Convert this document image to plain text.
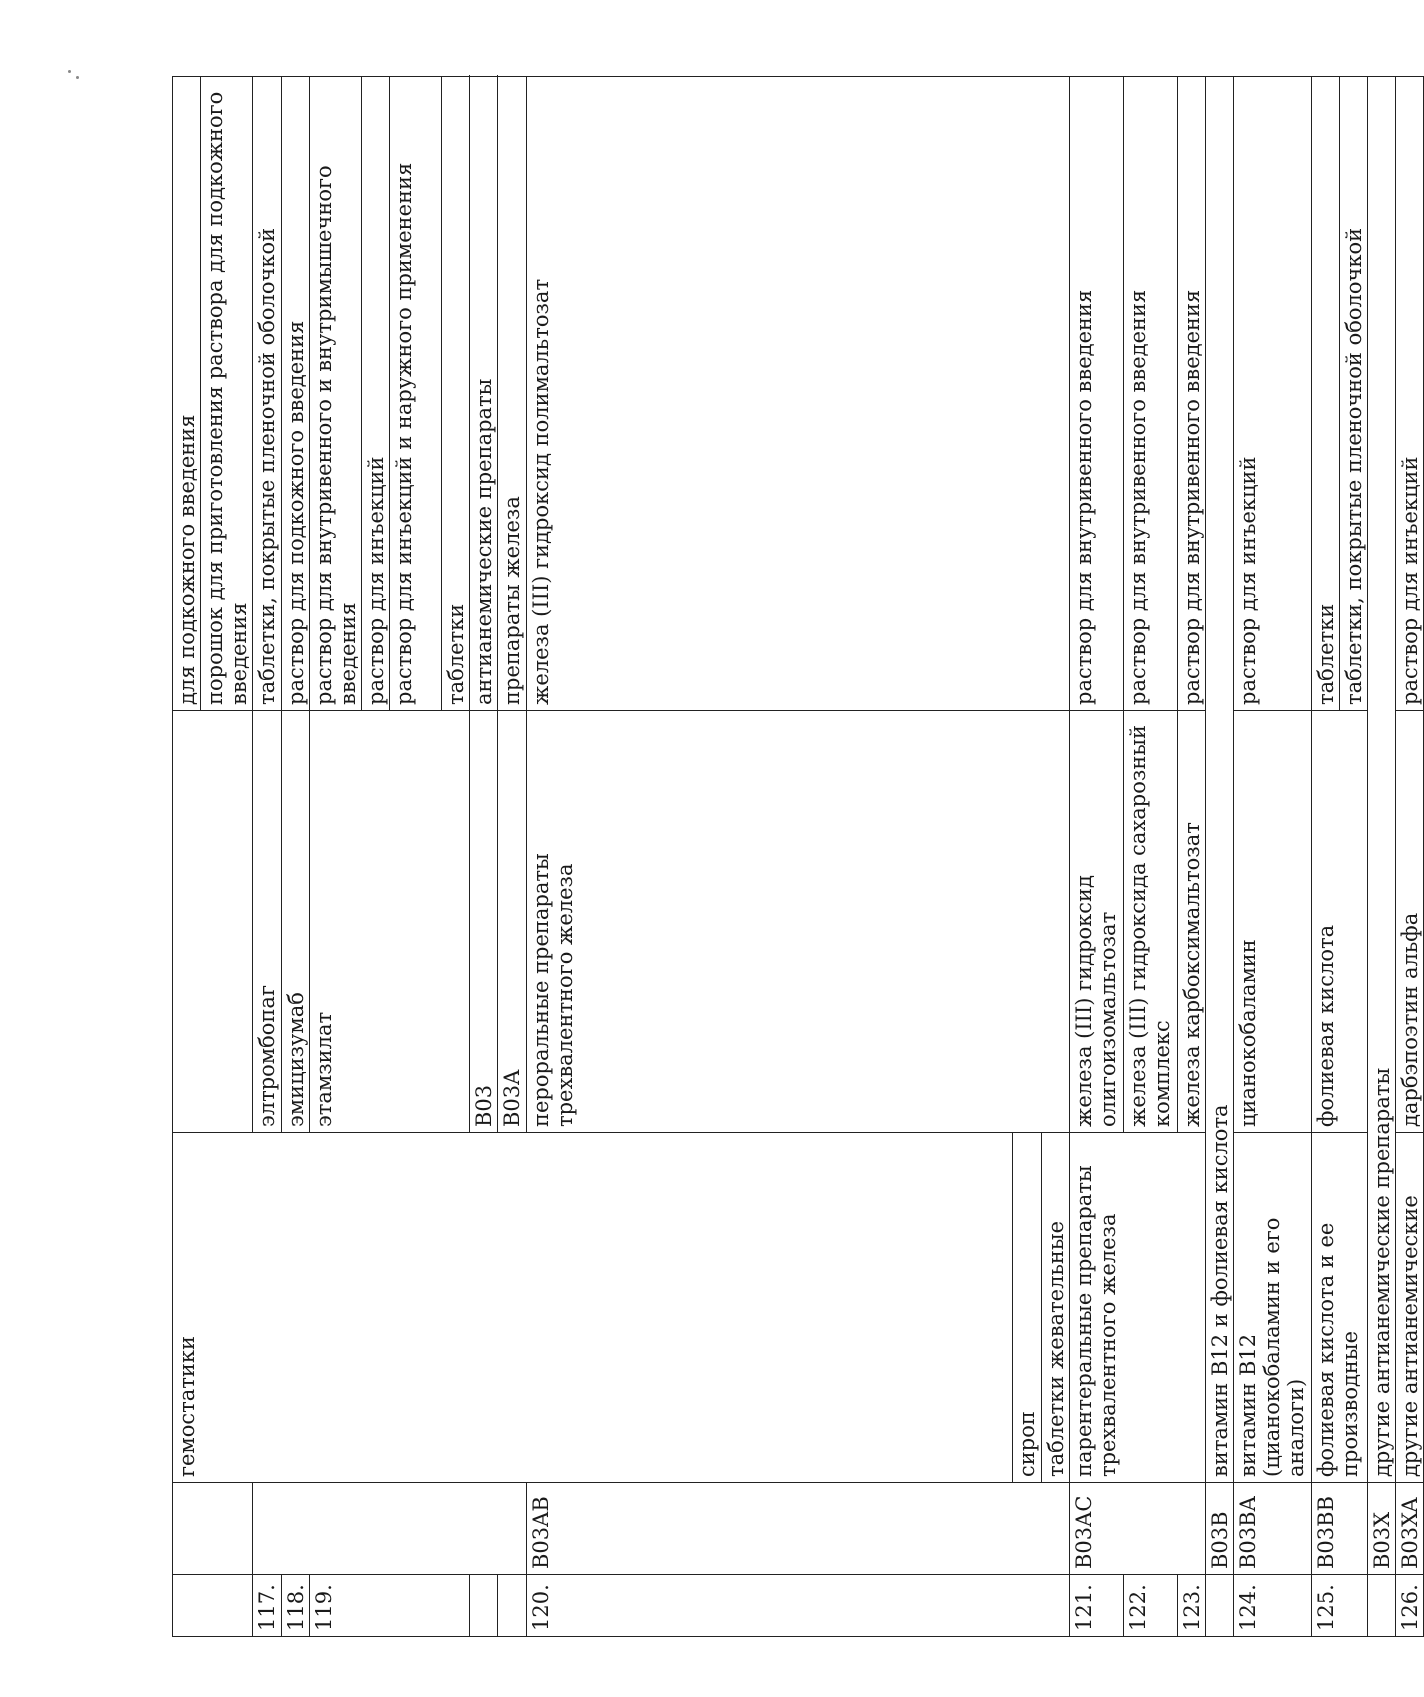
		гемостатики		для подкожного введения	
				порошок для приготовления раствора для подкожного введения	
117.			элтромбопаг	таблетки, покрытые пленочной оболочкой	
118.			эмицизумаб	раствор для подкожного введения	
119.			этамзилат	раствор для внутривенного и внутримышечного введения	
				раствор для инъекций	
				раствор для инъекций и наружного применения	
				таблетки	
			B03	антианемические препараты	
			B03A	препараты железа	
120.	B03AB		пероральные препараты трехвалентного железа	железа (III) гидроксид полимальтозат	
		сироп			
		таблетки жевательные			
121.	B03AC	парентеральные препараты трехвалентного железа	железа (III) гидроксид олигоизомальтозат	раствор для внутривенного введения	
122.			железа (III) гидроксида сахарозный комплекс	раствор для внутривенного введения	
123.			железа карбоксимальтозат	раствор для внутривенного введения	
	B03B	витамин B12 и фолиевая кислота			
124.	B03BA	витамин B12 (цианокобаламин и его аналоги)	цианокобаламин	раствор для инъекций	
125.	B03BB	фолиевая кислота и ее производные	фолиевая кислота	таблетки	
				таблетки, покрытые пленочной оболочкой	
	B03X	другие антианемические препараты			
126.	B03XA	другие антианемические	дарбэпоэтин альфа	раствор для инъекций	
